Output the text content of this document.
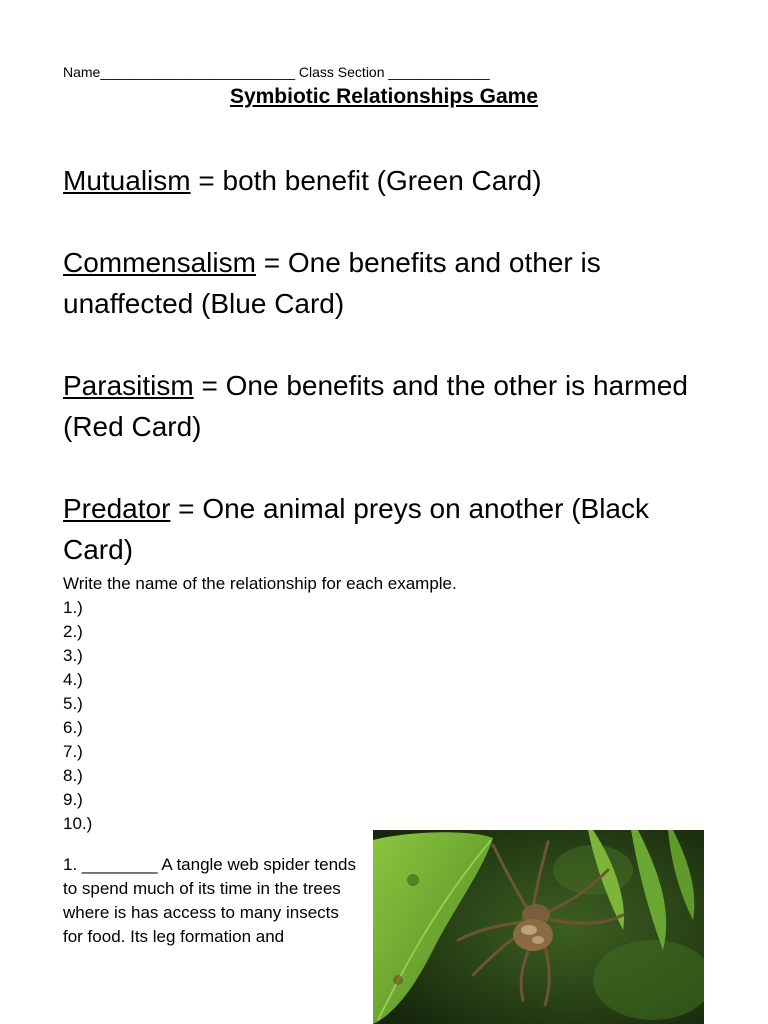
Name_________________________ Class Section _____________
Symbiotic Relationships Game
Mutualism = both benefit (Green Card)
Commensalism = One benefits and other is unaffected (Blue Card)
Parasitism = One benefits and the other is harmed (Red Card)
Predator = One animal preys on another (Black Card)
Write the name of the relationship for each example.
1.)
2.)
3.)
4.)
5.)
6.)
7.)
8.)
9.)
10.)
1. ________ A tangle web spider tends to spend much of its time in the trees where is has access to many insects for food. Its leg formation and
